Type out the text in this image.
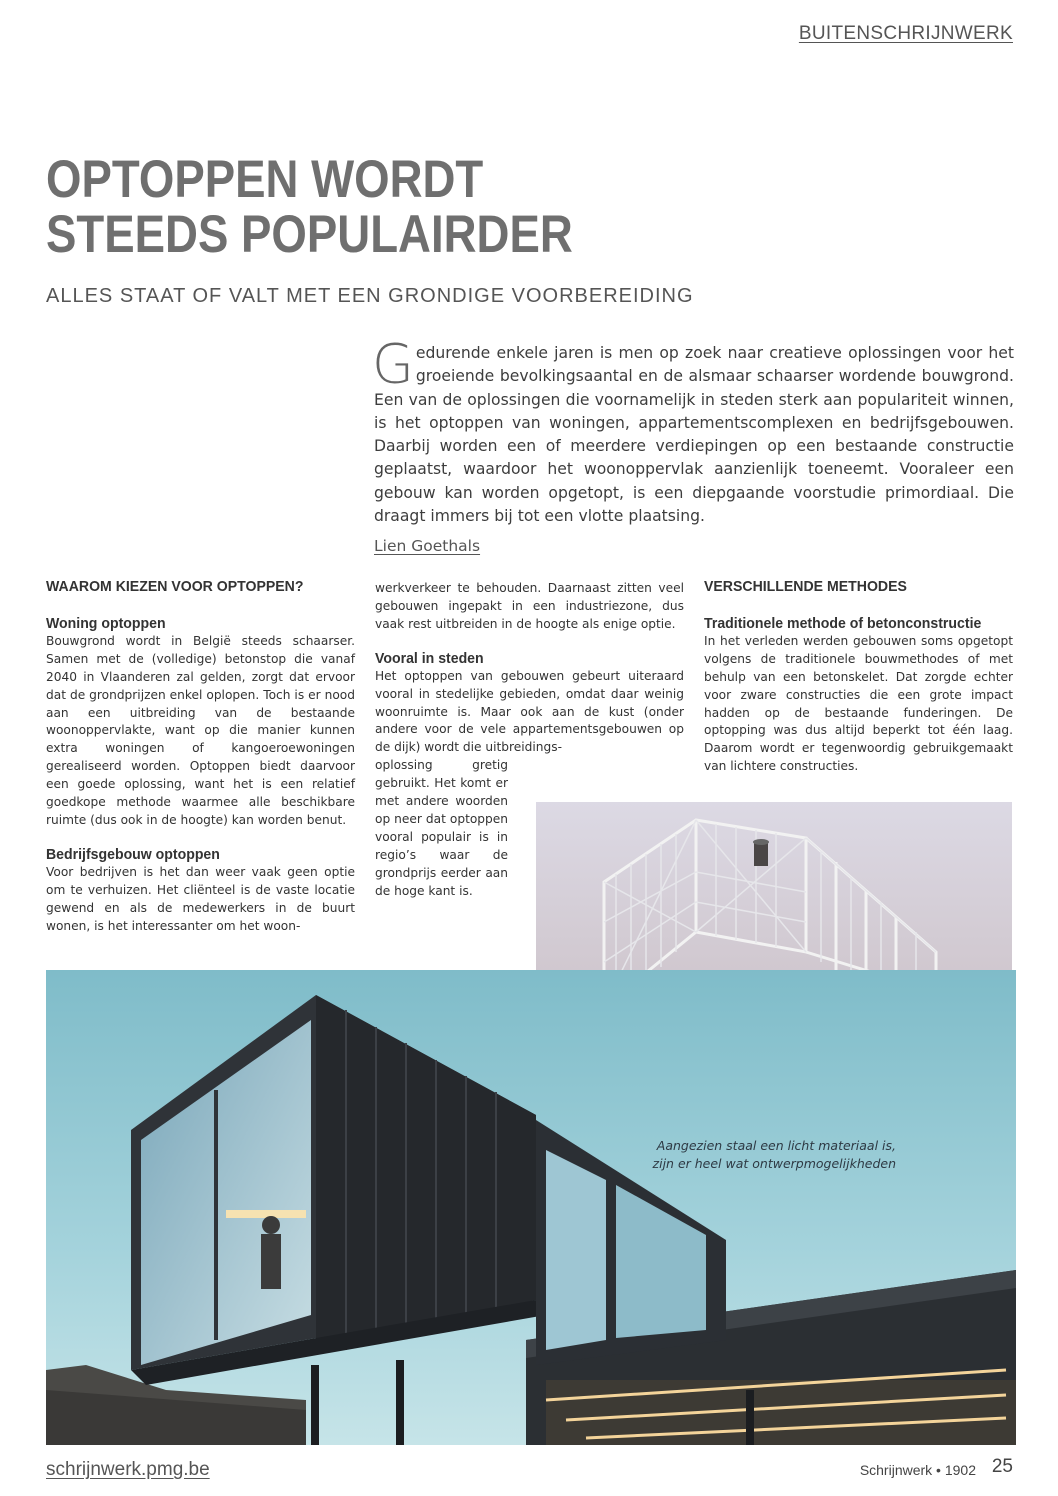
BUITENSCHRIJNWERK
OPTOPPEN WORDT
STEEDS POPULAIRDER
ALLES STAAT OF VALT MET EEN GRONDIGE VOORBEREIDING
Gedurende enkele jaren is men op zoek naar creatieve oplossingen voor het groeiende bevolkingsaantal en de alsmaar schaarser wordende bouwgrond. Een van de oplossingen die voornamelijk in steden sterk aan populariteit winnen, is het optoppen van woningen, appartementscomplexen en bedrijfsgebouwen. Daarbij worden een of meerdere verdiepingen op een bestaande constructie geplaatst, waardoor het woonoppervlak aanzienlijk toeneemt. Vooraleer een gebouw kan worden opgetopt, is een diepgaande voorstudie primordiaal. Die draagt immers bij tot een vlotte plaatsing.
Lien Goethals
WAAROM KIEZEN VOOR OPTOPPEN?
Woning optoppen

Bouwgrond wordt in België steeds schaarser. Samen met de (volledige) betonstop die vanaf 2040 in Vlaanderen zal gelden, zorgt dat ervoor dat de grondprijzen enkel oplopen. Toch is er nood aan een uitbreiding van de bestaande woonoppervlakte, want op die manier kunnen extra woningen of kangoeroewoningen gerealiseerd worden. Optoppen biedt daarvoor een goede oplossing, want het is een relatief goedkope methode waarmee alle beschikbare ruimte (dus ook in de hoogte) kan worden benut.

Bedrijfsgebouw optoppen

Voor bedrijven is het dan weer vaak geen optie om te verhuizen. Het cliënteel is de vaste locatie gewend en als de medewerkers in de buurt wonen, is het interessanter om het woon-

werkverkeer te behouden. Daarnaast zitten veel gebouwen ingepakt in een industriezone, dus vaak rest uitbreiden in de hoogte als enige optie.

Vooral in steden

Het optoppen van gebouwen gebeurt uiteraard vooral in stedelijke gebieden, omdat daar weinig woonruimte is. Maar ook aan de kust (onder andere voor de vele appartementsgebouwen op de dijk) wordt die uitbreidings-

oplossing gretig gebruikt. Het komt er met andere woorden op neer dat optoppen vooral populair is in regio’s waar de grondprijs eerder aan de hoge kant is.

VERSCHILLENDE METHODES
Traditionele methode of betonconstructie

In het verleden werden gebouwen soms opgetopt volgens de traditionele bouwmethodes of met behulp van een betonskelet. Dat zorgde echter voor zware constructies die een grote impact hadden op de bestaande funderingen. De optopping was dus altijd beperkt tot één laag. Daarom wordt er tegenwoordig gebruikgemaakt van lichtere constructies.

Aangezien staal een licht materiaal is,
zijn er heel wat ontwerpmogelijkheden
schrijnwerk.pmg.be	Schrijnwerk • 1902 25
